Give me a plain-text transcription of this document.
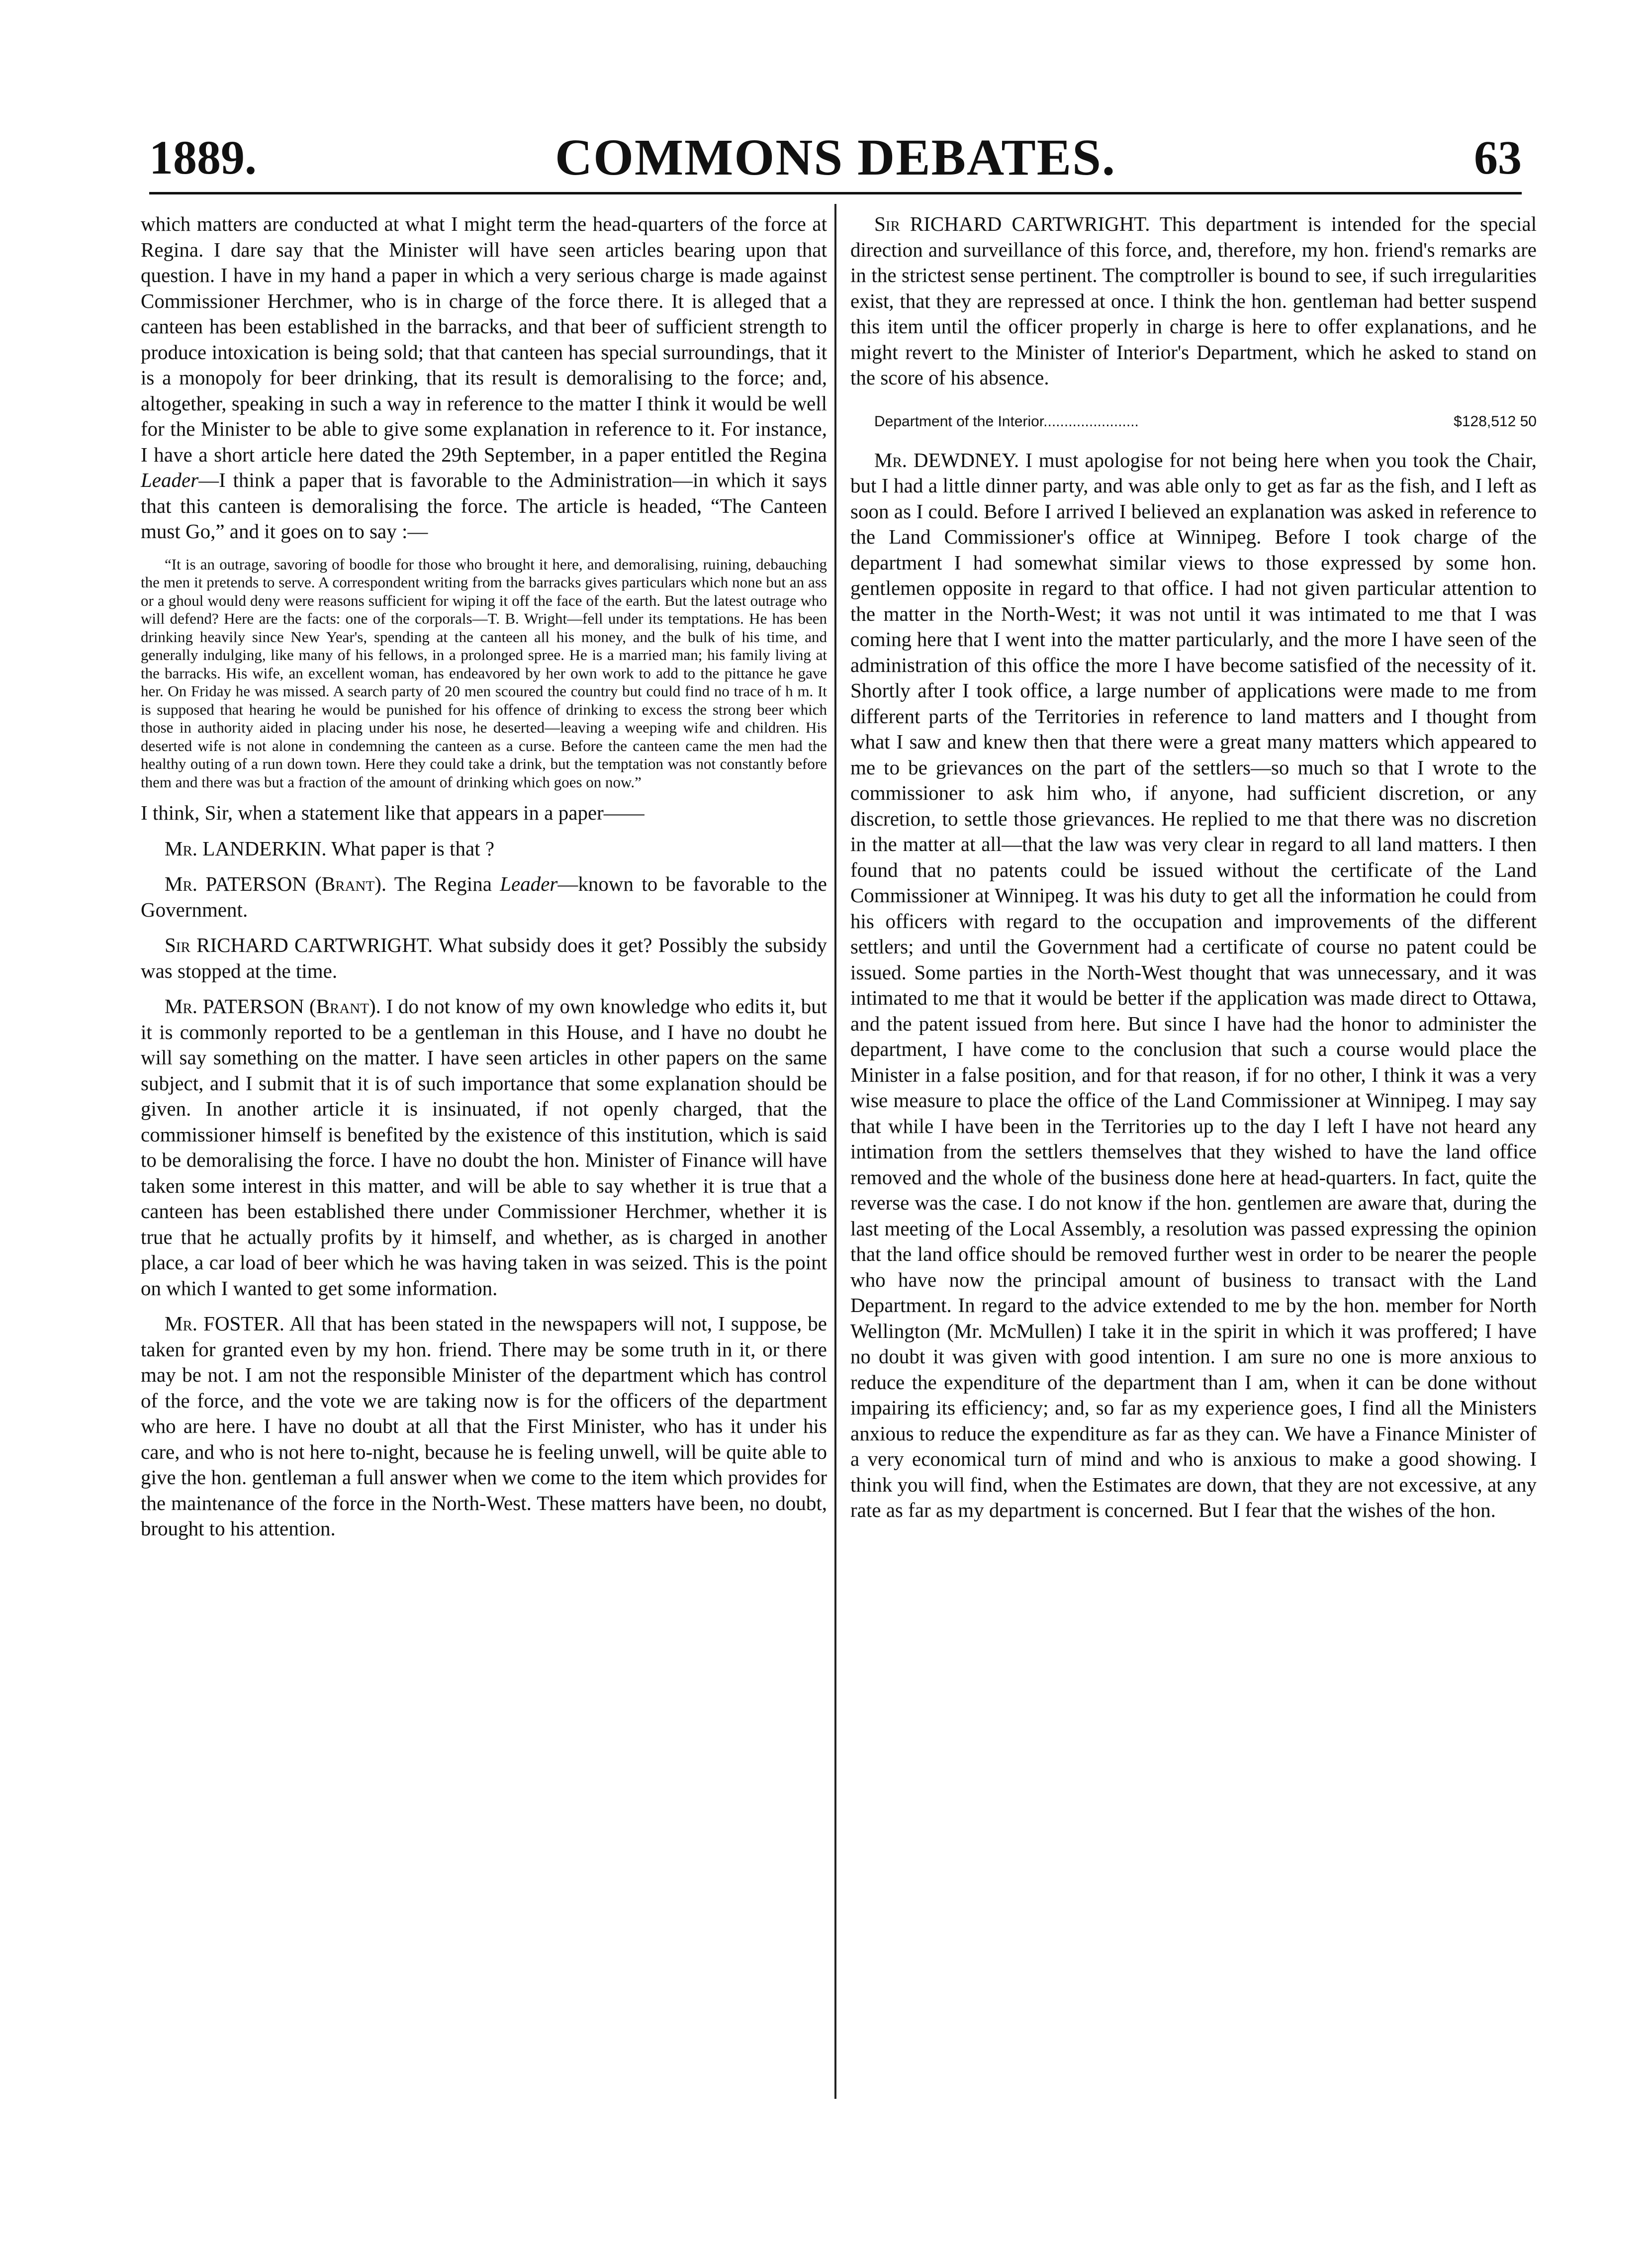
1889.	COMMONS DEBATES.	63

which matters are conducted at what I might term the head-quarters of the force at Regina. I dare say that the Minister will have seen articles bearing upon that question. I have in my hand a paper in which a very serious charge is made against Commissioner Herchmer, who is in charge of the force there. It is alleged that a canteen has been established in the barracks, and that beer of sufficient strength to produce intoxication is being sold; that that canteen has special surroundings, that it is a monopoly for beer drinking, that its result is demoralising to the force; and, altogether, speaking in such a way in reference to the matter I think it would be well for the Minister to be able to give some explanation in reference to it. For instance, I have a short article here dated the 29th September, in a paper entitled the Regina Leader—I think a paper that is favorable to the Administration—in which it says that this canteen is demoralising the force. The article is headed, “The Canteen must Go,” and it goes on to say :—

“It is an outrage, savoring of boodle for those who brought it here, and demoralising, ruining, debauching the men it pretends to serve. A correspondent writing from the barracks gives particulars which none but an ass or a ghoul would deny were reasons sufficient for wiping it off the face of the earth. But the latest outrage who will defend? Here are the facts: one of the corporals—T. B. Wright—fell under its temptations. He has been drinking heavily since New Year's, spending at the canteen all his money, and the bulk of his time, and generally indulging, like many of his fellows, in a prolonged spree. He is a married man; his family living at the barracks. His wife, an excellent woman, has endeavored by her own work to add to the pittance he gave her. On Friday he was missed. A search party of 20 men scoured the country but could find no trace of h m. It is supposed that hearing he would be punished for his offence of drinking to excess the strong beer which those in authority aided in placing under his nose, he deserted—leaving a weeping wife and children. His deserted wife is not alone in condemning the canteen as a curse. Before the canteen came the men had the healthy outing of a run down town. Here they could take a drink, but the temptation was not constantly before them and there was but a fraction of the amount of drinking which goes on now.”

I think, Sir, when a statement like that appears in a paper——

Mr. LANDERKIN. What paper is that ?

Mr. PATERSON (Brant). The Regina Leader—known to be favorable to the Government.

Sir RICHARD CARTWRIGHT. What subsidy does it get? Possibly the subsidy was stopped at the time.

Mr. PATERSON (Brant). I do not know of my own knowledge who edits it, but it is commonly reported to be a gentleman in this House, and I have no doubt he will say something on the matter. I have seen articles in other papers on the same subject, and I submit that it is of such importance that some explanation should be given. In another article it is insinuated, if not openly charged, that the commissioner himself is benefited by the existence of this institution, which is said to be demoralising the force. I have no doubt the hon. Minister of Finance will have taken some interest in this matter, and will be able to say whether it is true that a canteen has been established there under Commissioner Herchmer, whether it is true that he actually profits by it himself, and whether, as is charged in another place, a car load of beer which he was having taken in was seized. This is the point on which I wanted to get some information.

Mr. FOSTER. All that has been stated in the newspapers will not, I suppose, be taken for granted even by my hon. friend. There may be some truth in it, or there may be not. I am not the responsible Minister of the department which has control of the force, and the vote we are taking now is for the officers of the department who are here. I have no doubt at all that the First Minister, who has it under his care, and who is not here to-night, because he is feeling unwell, will be quite able to give the hon. gentleman a full answer when we come to the item which provides for the maintenance of the force in the North-West. These matters have been, no doubt, brought to his attention.

Sir RICHARD CARTWRIGHT. This department is intended for the special direction and surveillance of this force, and, therefore, my hon. friend's remarks are in the strictest sense pertinent. The comptroller is bound to see, if such irregularities exist, that they are repressed at once. I think the hon. gentleman had better suspend this item until the officer properly in charge is here to offer explanations, and he might revert to the Minister of Interior's Department, which he asked to stand on the score of his absence.

Department of the Interior.......................	$128,512 50

Mr. DEWDNEY. I must apologise for not being here when you took the Chair, but I had a little dinner party, and was able only to get as far as the fish, and I left as soon as I could. Before I arrived I believed an explanation was asked in reference to the Land Commissioner's office at Winnipeg. Before I took charge of the department I had somewhat similar views to those expressed by some hon. gentlemen opposite in regard to that office. I had not given particular attention to the matter in the North-West; it was not until it was intimated to me that I was coming here that I went into the matter particularly, and the more I have seen of the administration of this office the more I have become satisfied of the necessity of it. Shortly after I took office, a large number of applications were made to me from different parts of the Territories in reference to land matters and I thought from what I saw and knew then that there were a great many matters which appeared to me to be grievances on the part of the settlers—so much so that I wrote to the commissioner to ask him who, if anyone, had sufficient discretion, or any discretion, to settle those grievances. He replied to me that there was no discretion in the matter at all—that the law was very clear in regard to all land matters. I then found that no patents could be issued without the certificate of the Land Commissioner at Winnipeg. It was his duty to get all the information he could from his officers with regard to the occupation and improvements of the different settlers; and until the Government had a certificate of course no patent could be issued. Some parties in the North-West thought that was unnecessary, and it was intimated to me that it would be better if the application was made direct to Ottawa, and the patent issued from here. But since I have had the honor to administer the department, I have come to the conclusion that such a course would place the Minister in a false position, and for that reason, if for no other, I think it was a very wise measure to place the office of the Land Commissioner at Winnipeg. I may say that while I have been in the Territories up to the day I left I have not heard any intimation from the settlers themselves that they wished to have the land office removed and the whole of the business done here at head-quarters. In fact, quite the reverse was the case. I do not know if the hon. gentlemen are aware that, during the last meeting of the Local Assembly, a resolution was passed expressing the opinion that the land office should be removed further west in order to be nearer the people who have now the principal amount of business to transact with the Land Department. In regard to the advice extended to me by the hon. member for North Wellington (Mr. McMullen) I take it in the spirit in which it was proffered; I have no doubt it was given with good intention. I am sure no one is more anxious to reduce the expenditure of the department than I am, when it can be done without impairing its efficiency; and, so far as my experience goes, I find all the Ministers anxious to reduce the expenditure as far as they can. We have a Finance Minister of a very economical turn of mind and who is anxious to make a good showing. I think you will find, when the Estimates are down, that they are not excessive, at any rate as far as my department is concerned. But I fear that the wishes of the hon.
